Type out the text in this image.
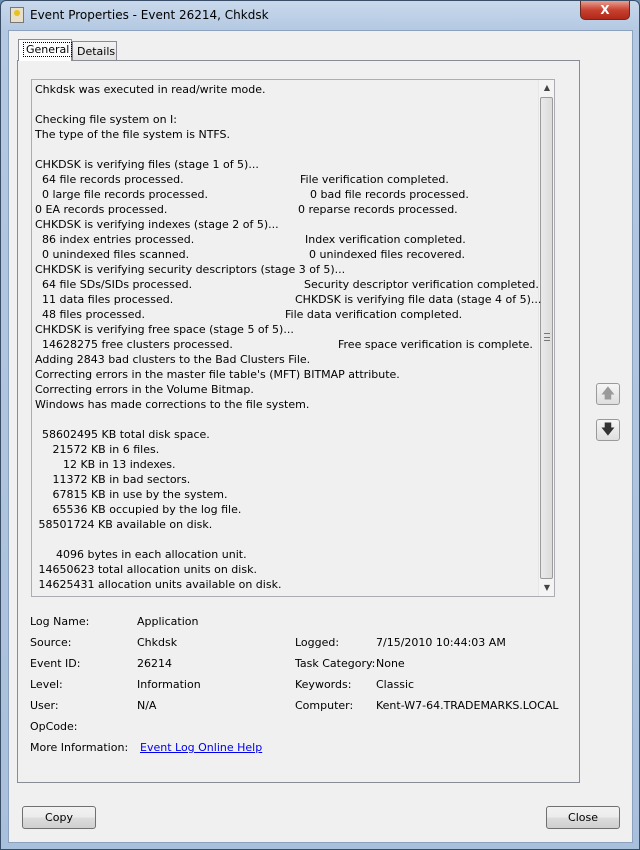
Event Properties - Event 26214, Chkdsk	X
General Details
▲
▼
Chkdsk was executed in read/write mode.
Checking file system on I:
The type of the file system is NTFS.
CHKDSK is verifying files (stage 1 of 5)...
64 file records processed.	File verification completed.
0 large file records processed.	0 bad file records processed.
0 EA records processed.	0 reparse records processed.
CHKDSK is verifying indexes (stage 2 of 5)...
86 index entries processed.	Index verification completed.
0 unindexed files scanned.	0 unindexed files recovered.
CHKDSK is verifying security descriptors (stage 3 of 5)...
64 file SDs/SIDs processed.	Security descriptor verification completed.
11 data files processed.	CHKDSK is verifying file data (stage 4 of 5)...
48 files processed.	File data verification completed.
CHKDSK is verifying free space (stage 5 of 5)...
14628275 free clusters processed.	Free space verification is complete.
Adding 2843 bad clusters to the Bad Clusters File.
Correcting errors in the master file table's (MFT) BITMAP attribute.
Correcting errors in the Volume Bitmap.
Windows has made corrections to the file system.
58602495 KB total disk space.
21572 KB in 6 files.
12 KB in 13 indexes.
11372 KB in bad sectors.
67815 KB in use by the system.
65536 KB occupied by the log file.
58501724 KB available on disk.
4096 bytes in each allocation unit.
14650623 total allocation units on disk.
14625431 allocation units available on disk.
🡅
🡇
Log Name:	Application
Source:	Chkdsk	Logged:	7/15/2010 10:44:03 AM
Event ID:	26214	Task Category: None
Level:	Information	Keywords: Classic
User:	N/A	Computer: Kent-W7-64.TRADEMARKS.LOCAL
OpCode:
More Information: Event Log Online Help
Copy	Close
